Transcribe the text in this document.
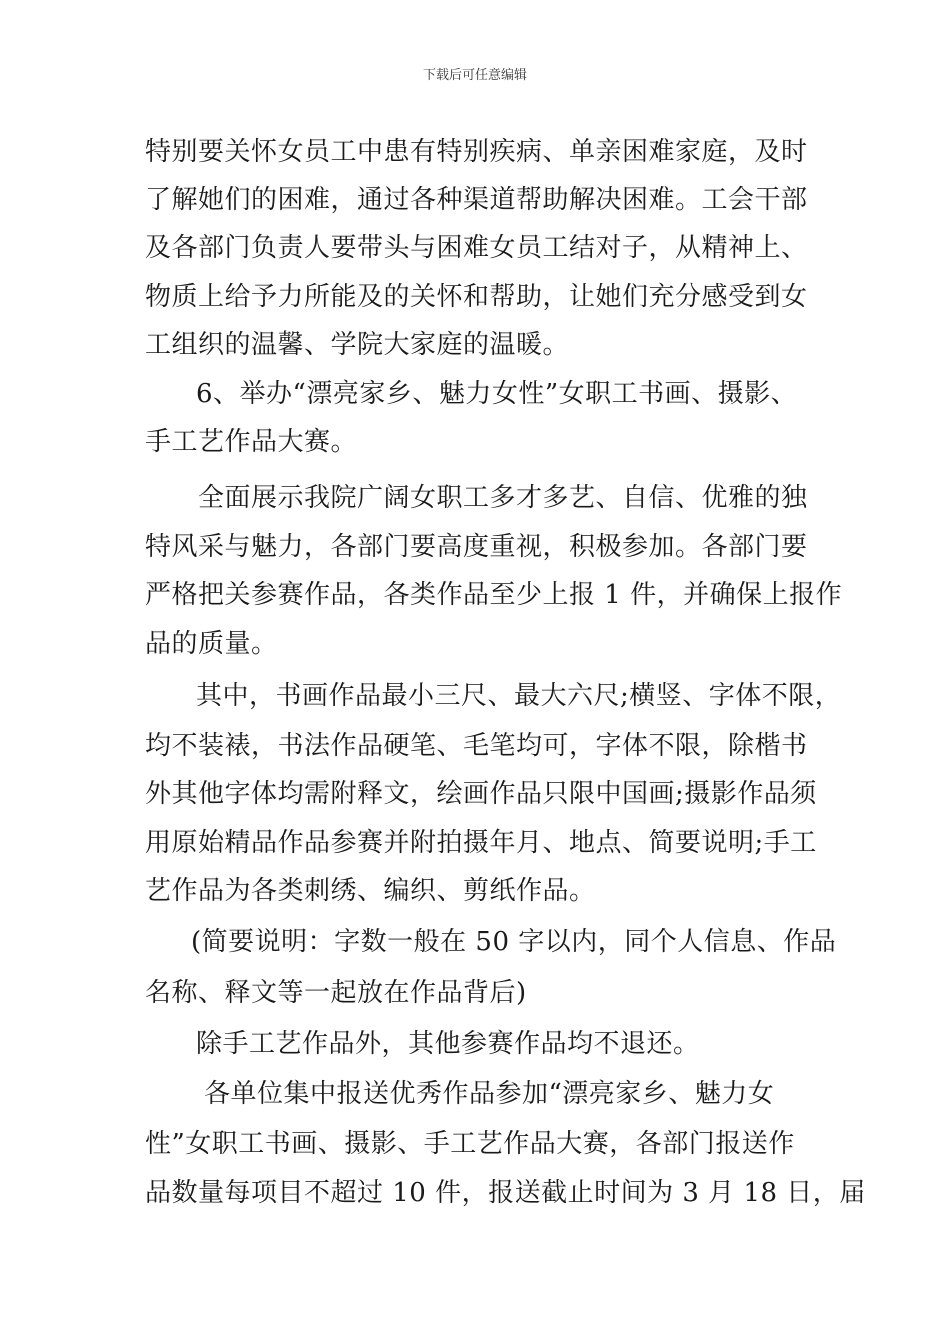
下载后可任意编辑
特别要关怀女员工中患有特别疾病、单亲困难家庭，及时
了解她们的困难，通过各种渠道帮助解决困难。工会干部
及各部门负责人要带头与困难女员工结对子，从精神上、
物质上给予力所能及的关怀和帮助，让她们充分感受到女
工组织的温馨、学院大家庭的温暖。
6、举办“漂亮家乡、魅力女性”女职工书画、摄影、
手工艺作品大赛。
全面展示我院广阔女职工多才多艺、自信、优雅的独
特风采与魅力，各部门要高度重视，积极参加。各部门要
严格把关参赛作品，各类作品至少上报 1 件，并确保上报作
品的质量。
其中，书画作品最小三尺、最大六尺;横竖、字体不限，
均不装裱，书法作品硬笔、毛笔均可，字体不限，除楷书
外其他字体均需附释文，绘画作品只限中国画;摄影作品须
用原始精品作品参赛并附拍摄年月、地点、简要说明;手工
艺作品为各类刺绣、编织、剪纸作品。
(简要说明：字数一般在 50 字以内，同个人信息、作品
名称、释文等一起放在作品背后)
除手工艺作品外，其他参赛作品均不退还。
各单位集中报送优秀作品参加“漂亮家乡、魅力女
性”女职工书画、摄影、手工艺作品大赛，各部门报送作
品数量每项目不超过 10 件，报送截止时间为 3 月 18 日，届
